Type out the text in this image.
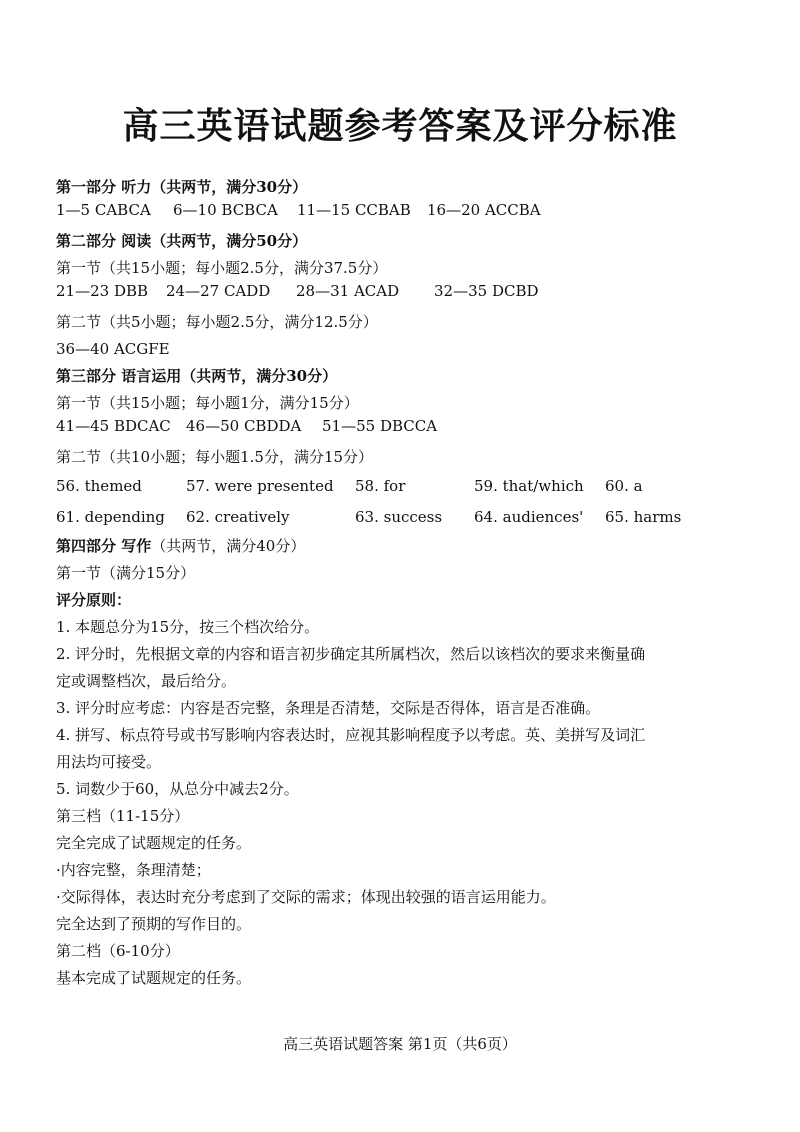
高三英语试题参考答案及评分标准
第一部分 听力（共两节，满分30分）
1—5 CABCA 6—10 BCBCA 11—15 CCBAB 16—20 ACCBA
第二部分 阅读（共两节，满分50分）
第一节（共15小题；每小题2.5分，满分37.5分）
21—23 DBB 24—27 CADD 28—31 ACAD 32—35 DCBD
第二节（共5小题；每小题2.5分，满分12.5分）
36—40 ACGFE
第三部分 语言运用（共两节，满分30分）
第一节（共15小题；每小题1分，满分15分）
41—45 BDCAC 46—50 CBDDA 51—55 DBCCA
第二节（共10小题；每小题1.5分，满分15分）
56. themed	57. were presented 58. for	59. that/which 60. a
61. depending 62. creatively	63. success 64. audiences' 65. harms
第四部分 写作（共两节，满分40分）
第一节（满分15分）
评分原则：
1. 本题总分为15分，按三个档次给分。
2. 评分时，先根据文章的内容和语言初步确定其所属档次，然后以该档次的要求来衡量确定或调整档次，最后给分。
3. 评分时应考虑：内容是否完整，条理是否清楚，交际是否得体，语言是否准确。
4. 拼写、标点符号或书写影响内容表达时，应视其影响程度予以考虑。英、美拼写及词汇用法均可接受。
5. 词数少于60，从总分中减去2分。
第三档（11-15分）
完全完成了试题规定的任务。
·内容完整，条理清楚；
·交际得体，表达时充分考虑到了交际的需求；体现出较强的语言运用能力。
完全达到了预期的写作目的。
第二档（6-10分）
基本完成了试题规定的任务。
高三英语试题答案 第1页（共6页）
